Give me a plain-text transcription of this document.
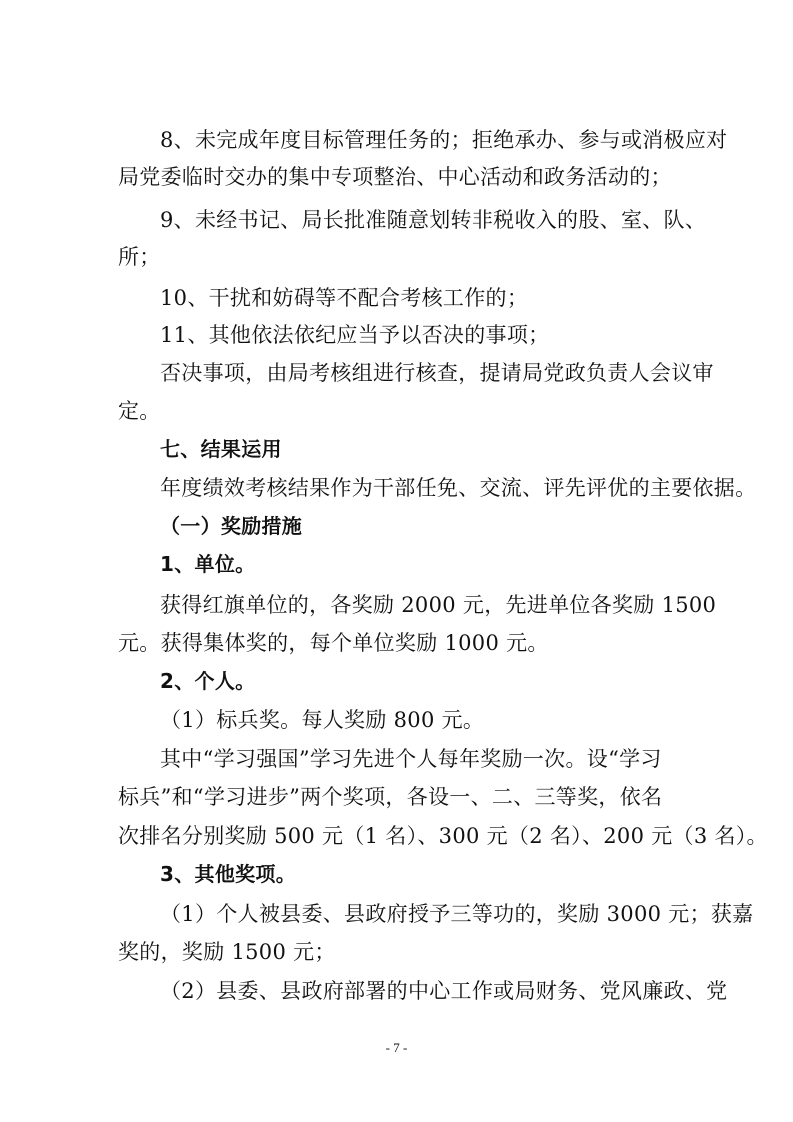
8、未完成年度目标管理任务的；拒绝承办、参与或消极应对
局党委临时交办的集中专项整治、中心活动和政务活动的；
9、未经书记、局长批准随意划转非税收入的股、室、队、
所；
10、干扰和妨碍等不配合考核工作的；
11、其他依法依纪应当予以否决的事项；
否决事项，由局考核组进行核查，提请局党政负责人会议审
定。
七、结果运用
年度绩效考核结果作为干部任免、交流、评先评优的主要依据。
（一）奖励措施
1、单位。
获得红旗单位的，各奖励 2000 元，先进单位各奖励 1500
元。获得集体奖的，每个单位奖励 1000 元。
2、个人。
（1）标兵奖。每人奖励 800 元。
其中“学习强国”学习先进个人每年奖励一次。设“学习
标兵”和“学习进步”两个奖项，各设一、二、三等奖，依名
次排名分别奖励 500 元（1 名）、300 元（2 名）、200 元（3 名）。
3、其他奖项。
（1）个人被县委、县政府授予三等功的，奖励 3000 元；获嘉
奖的，奖励 1500 元；
（2）县委、县政府部署的中心工作或局财务、党风廉政、党
- 7 -
